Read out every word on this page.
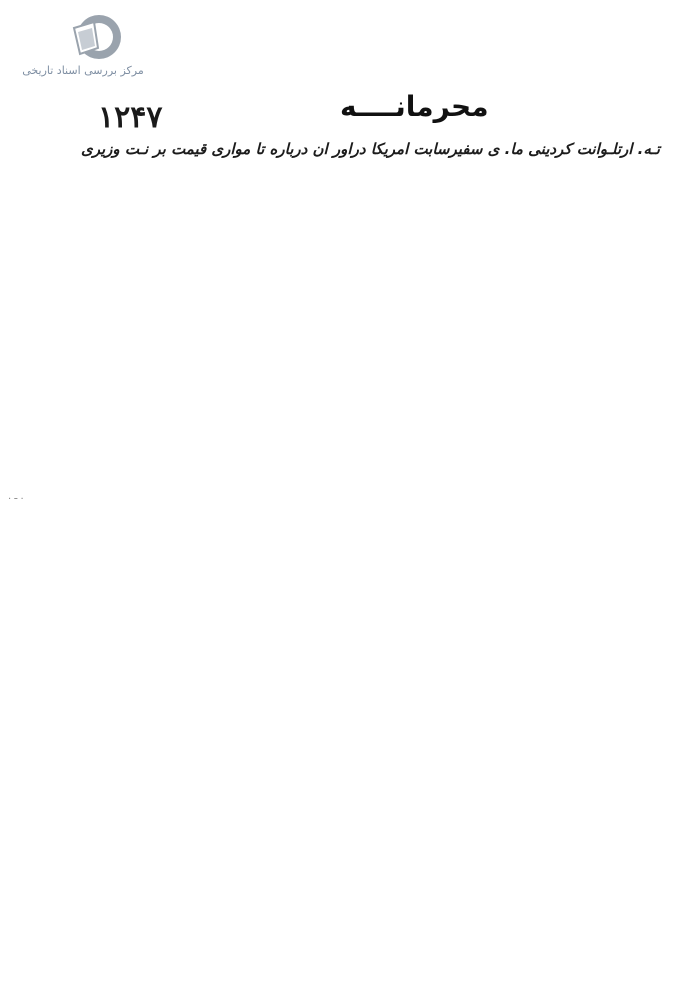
مرکز بررسی اسناد تاریخی
۱۲۴۷	محرمانــــه
تـه. ارتلـوانت کردینی ما. ی سفیرسابت امریکا دراور ان درباره تا مواری قیمت بر نـت وزیری
. ـ .
